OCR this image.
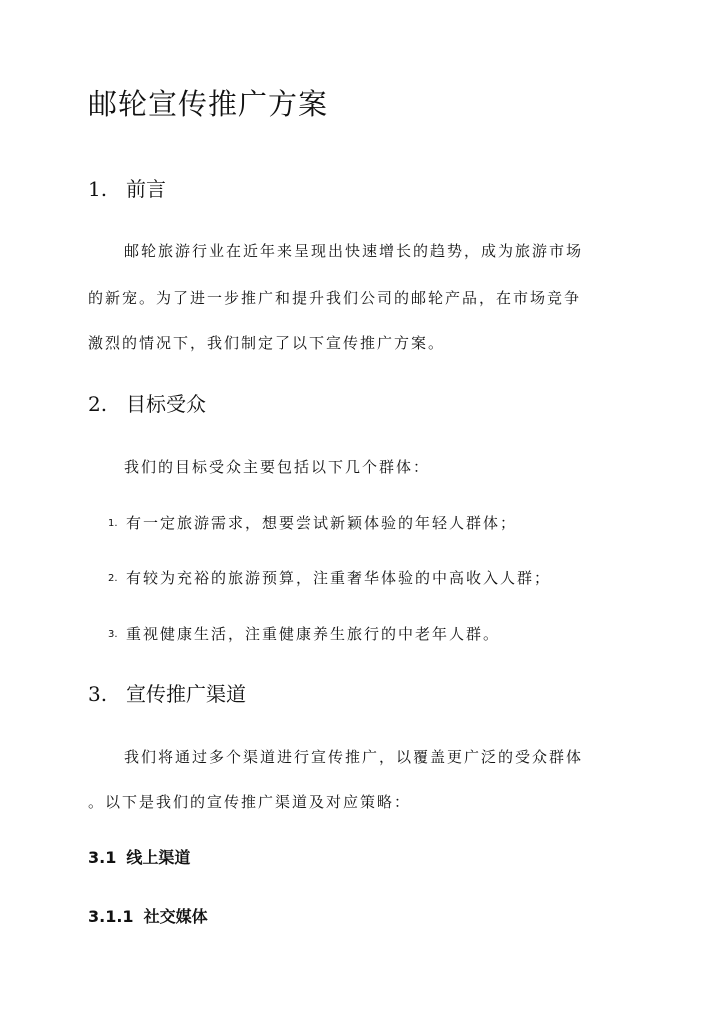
邮轮宣传推广方案
1. 前言
邮轮旅游行业在近年来呈现出快速增长的趋势，成为旅游市场
的新宠。为了进一步推广和提升我们公司的邮轮产品，在市场竞争
激烈的情况下，我们制定了以下宣传推广方案。
2. 目标受众
我们的目标受众主要包括以下几个群体：
1. 有一定旅游需求，想要尝试新颖体验的年轻人群体；
2. 有较为充裕的旅游预算，注重奢华体验的中高收入人群；
3. 重视健康生活，注重健康养生旅行的中老年人群。
3. 宣传推广渠道
我们将通过多个渠道进行宣传推广，以覆盖更广泛的受众群体
。以下是我们的宣传推广渠道及对应策略：
3.1 线上渠道
3.1.1 社交媒体
